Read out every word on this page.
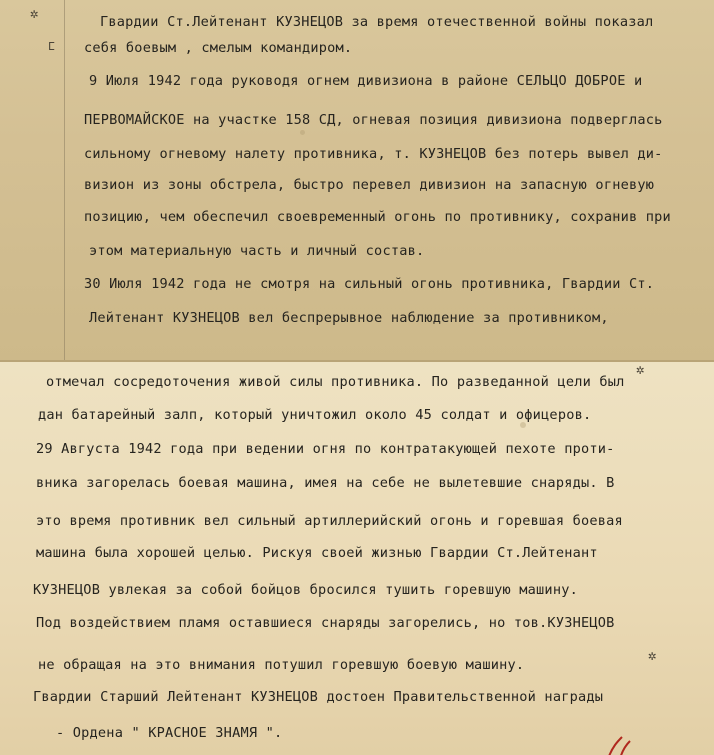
✲
ⵎ
Гвардии Ст.Лейтенант КУЗНЕЦОВ за время отечественной войны показал
себя боевым , смелым командиром.
9 Июля 1942 года руководя огнем дивизиона в районе СЕЛЬЦО ДОБРОЕ и
ПЕРВОМАЙСКОЕ на участке 158 СД, огневая позиция дивизиона подверглась
сильному огневому налету противника, т. КУЗНЕЦОВ без потерь вывел ди-
визион из зоны обстрела, быстро перевел дивизион на запасную огневую
позицию, чем обеспечил своевременный огонь по противнику, сохранив при
этом материальную часть и личный состав.
30 Июля 1942 года не смотря на сильный огонь противника, Гвардии Ст.
Лейтенант КУЗНЕЦОВ вел беспрерывное наблюдение за противником,
✲
✲
отмечал сосредоточения живой силы противника. По разведанной цели был
дан батарейный залп, который уничтожил около 45 солдат и офицеров.
29 Августа 1942 года при ведении огня по контратакующей пехоте проти-
вника загорелась боевая машина, имея на себе не вылетевшие снаряды. В
это время противник вел сильный артиллерийский огонь и горевшая боевая
машина была хорошей целью. Рискуя своей жизнью Гвардии Ст.Лейтенант
КУЗНЕЦОВ увлекая за собой бойцов бросился тушить горевшую машину.
Под воздействием пламя оставшиеся снаряды загорелись, но тов.КУЗНЕЦОВ
не обращая на это внимания потушил горевшую боевую машину.
Гвардии Старший Лейтенант КУЗНЕЦОВ достоен Правительственной награды
- Ордена " КРАСНОЕ ЗНАМЯ ".
